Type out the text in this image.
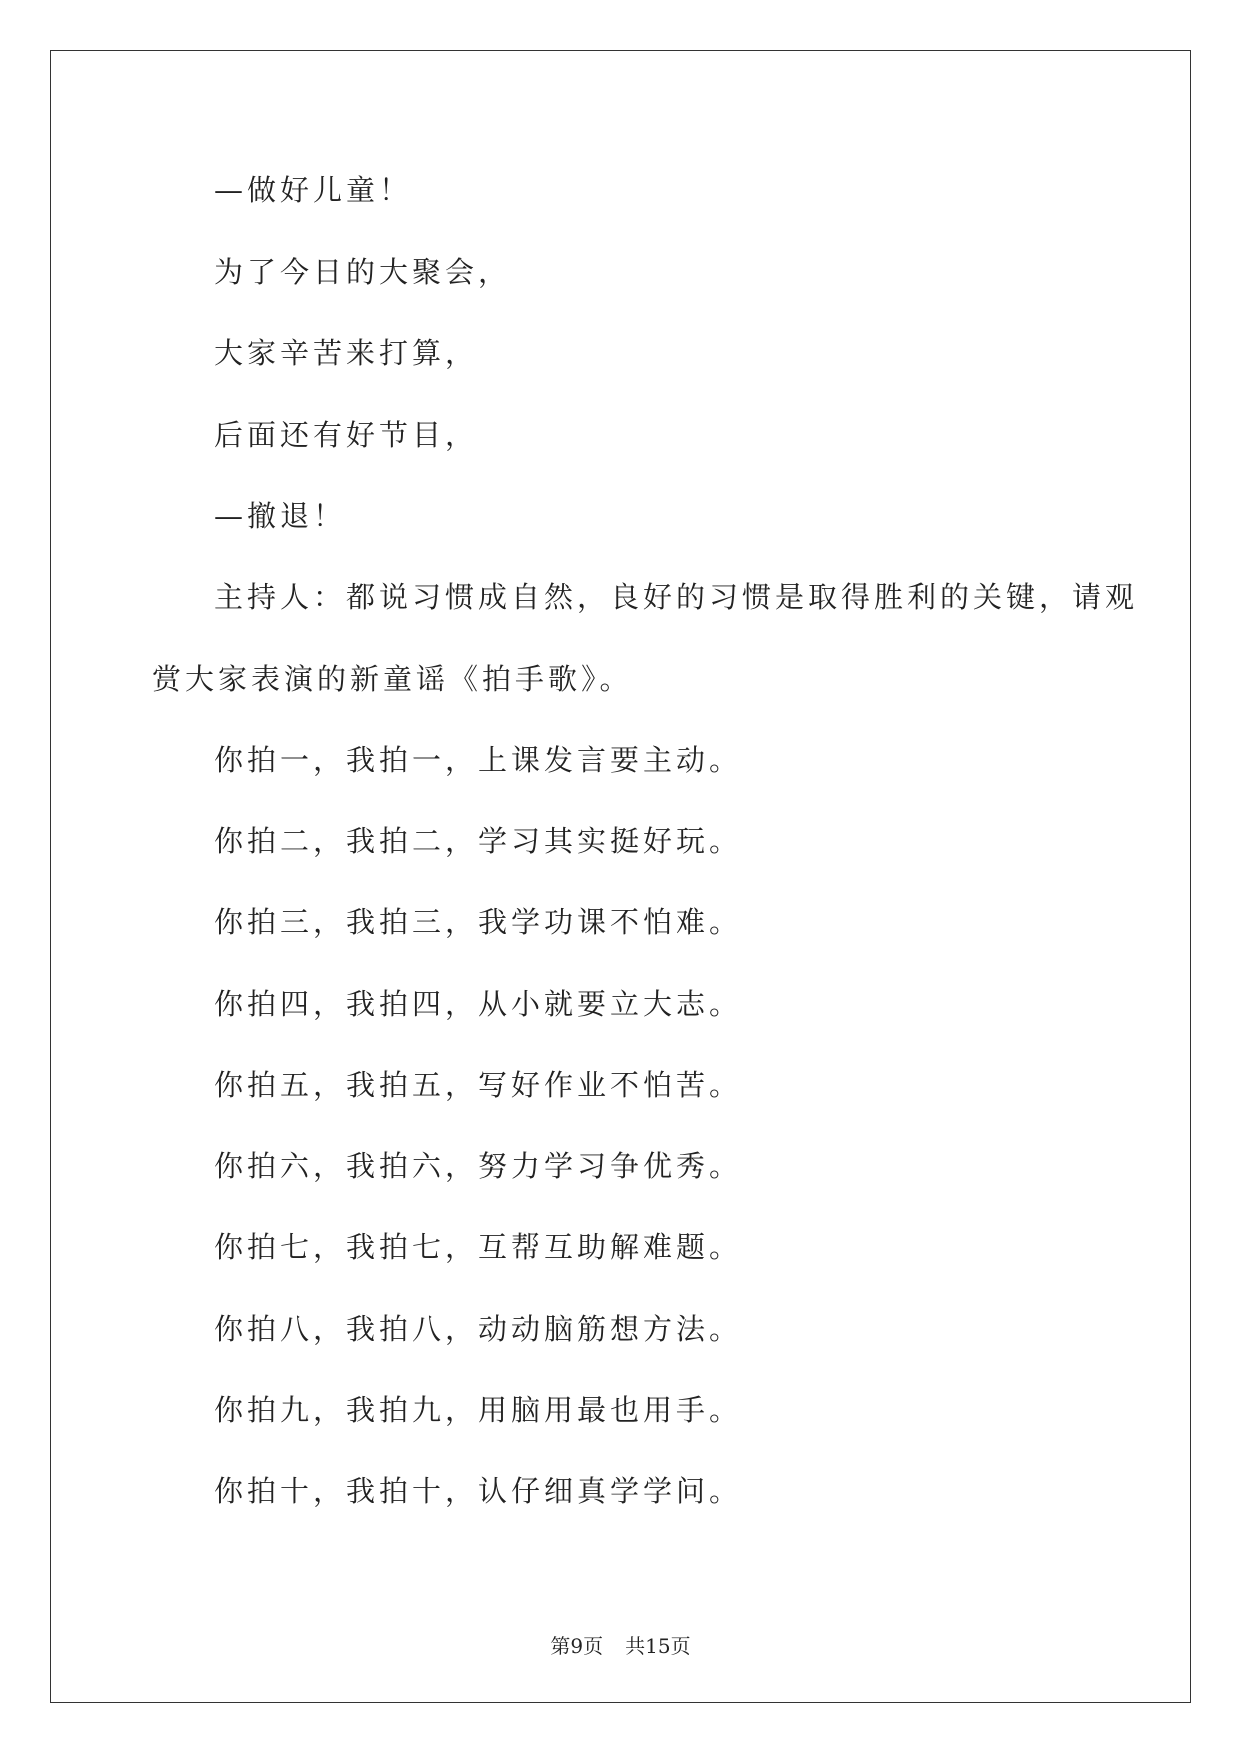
—做好儿童！
为了今日的大聚会，
大家辛苦来打算，
后面还有好节目，
—撤退！
主持人：都说习惯成自然，良好的习惯是取得胜利的关键，请观
赏大家表演的新童谣《拍手歌》。
你拍一，我拍一，上课发言要主动。
你拍二，我拍二，学习其实挺好玩。
你拍三，我拍三，我学功课不怕难。
你拍四，我拍四，从小就要立大志。
你拍五，我拍五，写好作业不怕苦。
你拍六，我拍六，努力学习争优秀。
你拍七，我拍七，互帮互助解难题。
你拍八，我拍八，动动脑筋想方法。
你拍九，我拍九，用脑用最也用手。
你拍十，我拍十，认仔细真学学问。
第9页 共15页
